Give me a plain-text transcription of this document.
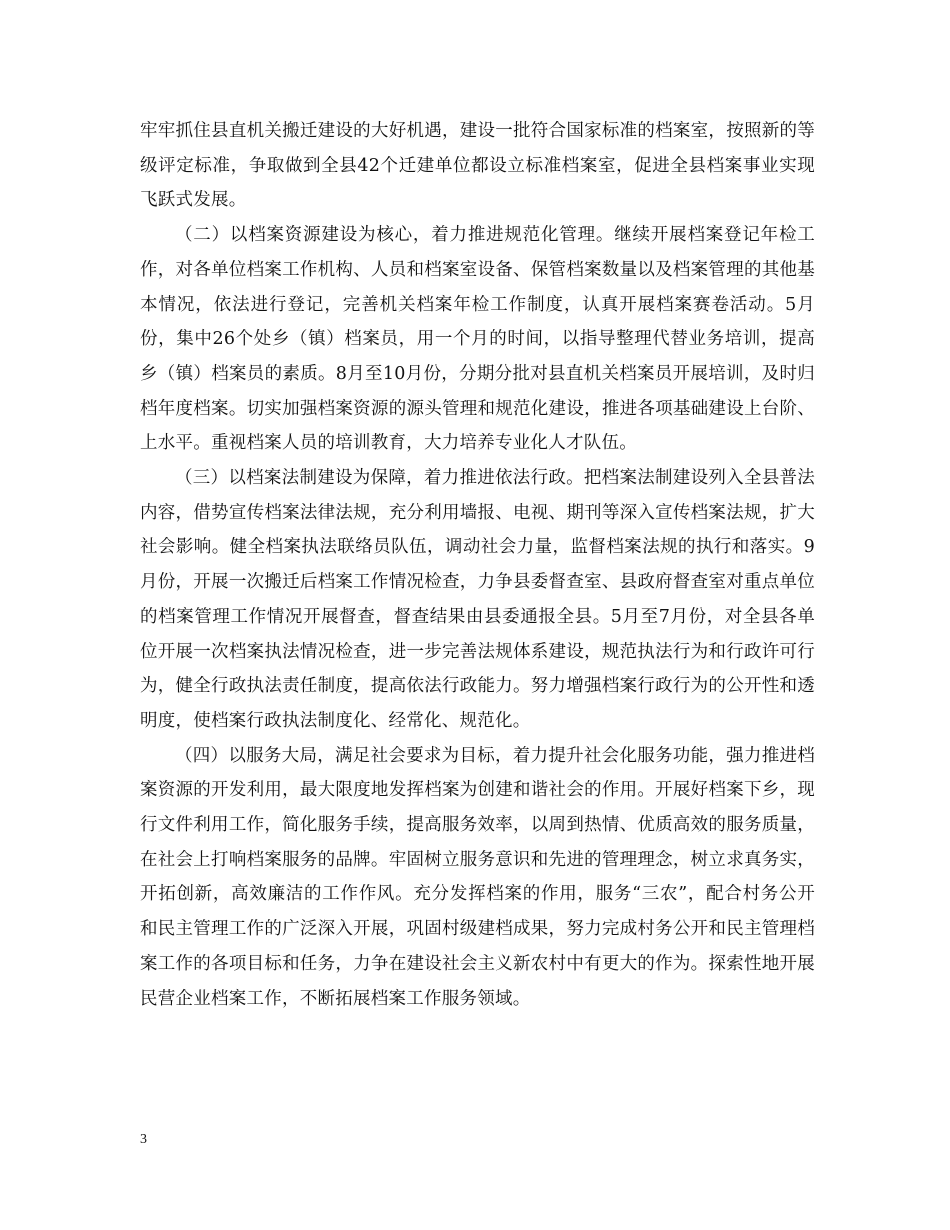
牢牢抓住县直机关搬迁建设的大好机遇，建设一批符合国家标准的档案室，按照新的等级评定标准，争取做到全县42个迁建单位都设立标准档案室，促进全县档案事业实现飞跃式发展。

（二）以档案资源建设为核心，着力推进规范化管理。继续开展档案登记年检工作，对各单位档案工作机构、人员和档案室设备、保管档案数量以及档案管理的其他基本情况，依法进行登记，完善机关档案年检工作制度，认真开展档案赛卷活动。5月份，集中26个处乡（镇）档案员，用一个月的时间，以指导整理代替业务培训，提高乡（镇）档案员的素质。8月至10月份，分期分批对县直机关档案员开展培训，及时归档年度档案。切实加强档案资源的源头管理和规范化建设，推进各项基础建设上台阶、上水平。重视档案人员的培训教育，大力培养专业化人才队伍。

（三）以档案法制建设为保障，着力推进依法行政。把档案法制建设列入全县普法内容，借势宣传档案法律法规，充分利用墙报、电视、期刊等深入宣传档案法规，扩大社会影响。健全档案执法联络员队伍，调动社会力量，监督档案法规的执行和落实。9月份，开展一次搬迁后档案工作情况检查，力争县委督查室、县政府督查室对重点单位的档案管理工作情况开展督查，督查结果由县委通报全县。5月至7月份，对全县各单位开展一次档案执法情况检查，进一步完善法规体系建设，规范执法行为和行政许可行为，健全行政执法责任制度，提高依法行政能力。努力增强档案行政行为的公开性和透明度，使档案行政执法制度化、经常化、规范化。

（四）以服务大局，满足社会要求为目标，着力提升社会化服务功能，强力推进档案资源的开发利用，最大限度地发挥档案为创建和谐社会的作用。开展好档案下乡，现行文件利用工作，简化服务手续，提高服务效率，以周到热情、优质高效的服务质量，在社会上打响档案服务的品牌。牢固树立服务意识和先进的管理理念，树立求真务实，开拓创新，高效廉洁的工作作风。充分发挥档案的作用，服务“三农”，配合村务公开和民主管理工作的广泛深入开展，巩固村级建档成果，努力完成村务公开和民主管理档案工作的各项目标和任务，力争在建设社会主义新农村中有更大的作为。探索性地开展民营企业档案工作，不断拓展档案工作服务领域。

3
